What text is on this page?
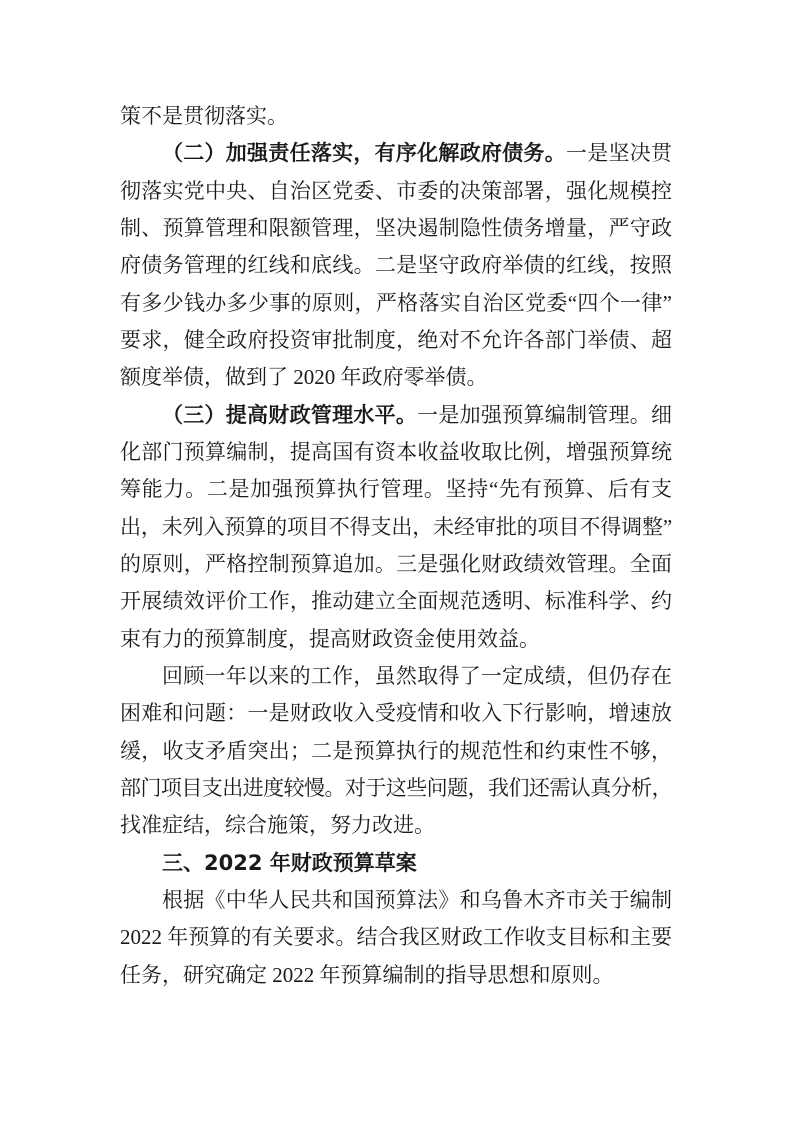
策不是贯彻落实。
（二）加强责任落实，有序化解政府债务。一是坚决贯
彻落实党中央、自治区党委、市委的决策部署，强化规模控
制、预算管理和限额管理，坚决遏制隐性债务增量，严守政
府债务管理的红线和底线。二是坚守政府举债的红线，按照
有多少钱办多少事的原则，严格落实自治区党委“四个一律”
要求，健全政府投资审批制度，绝对不允许各部门举债、超
额度举债，做到了 2020 年政府零举债。
（三）提高财政管理水平。一是加强预算编制管理。细
化部门预算编制，提高国有资本收益收取比例，增强预算统
筹能力。二是加强预算执行管理。坚持“先有预算、后有支
出，未列入预算的项目不得支出，未经审批的项目不得调整”
的原则，严格控制预算追加。三是强化财政绩效管理。全面
开展绩效评价工作，推动建立全面规范透明、标准科学、约
束有力的预算制度，提高财政资金使用效益。
回顾一年以来的工作，虽然取得了一定成绩，但仍存在
困难和问题：一是财政收入受疫情和收入下行影响，增速放
缓，收支矛盾突出；二是预算执行的规范性和约束性不够，
部门项目支出进度较慢。对于这些问题，我们还需认真分析，
找准症结，综合施策，努力改进。
三、2022 年财政预算草案
根据《中华人民共和国预算法》和乌鲁木齐市关于编制
2022 年预算的有关要求。结合我区财政工作收支目标和主要
任务，研究确定 2022 年预算编制的指导思想和原则。
